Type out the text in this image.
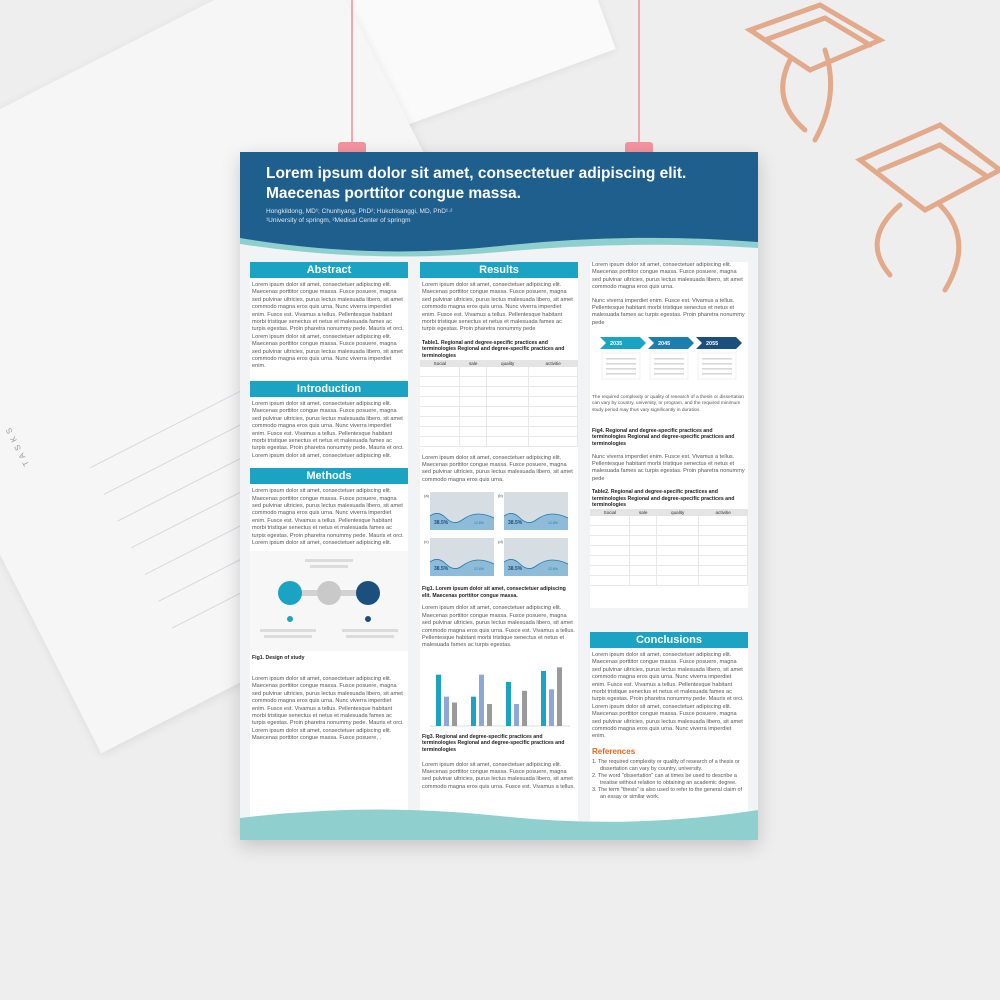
TASKS
Lorem ipsum dolor sit amet, consectetuer adipiscing elit. Maecenas porttitor congue massa.
Hongkildong, MD¹; Chunhyang, PhD²; Hukchisanggi, MD, PhD¹·²
¹University of springm, ²Medical Center of springm
Abstract
Lorem ipsum dolor sit amet, consectetuer adipiscing elit. Maecenas porttitor congue massa. Fusce posuere, magna sed pulvinar ultricies, purus lectus malesuada libero, sit amet commodo magna eros quis urna. Nunc viverra imperdiet enim. Fusce est. Vivamus a tellus. Pellentesque habitant morbi tristique senectus et netus et malesuada fames ac turpis egestas. Proin pharetra nonummy pede. Mauris et orci. Lorem ipsum dolor sit amet, consectetuer adipiscing elit. Maecenas porttitor congue massa. Fusce posuere, magna sed pulvinar ultricies, purus lectus malesuada libero, sit amet commodo magna eros quis urna. Nunc viverra imperdiet enim.
Introduction
Lorem ipsum dolor sit amet, consectetuer adipiscing elit. Maecenas porttitor congue massa. Fusce posuere, magna sed pulvinar ultricies, purus lectus malesuada libero, sit amet commodo magna eros quis urna. Nunc viverra imperdiet enim. Fusce est. Vivamus a tellus. Pellentesque habitant morbi tristique senectus et netus et malesuada fames ac turpis egestas. Proin pharetra nonummy pede. Mauris et orci. Lorem ipsum dolor sit amet, consectetuer adipiscing elit.
Methods
Lorem ipsum dolor sit amet, consectetuer adipiscing elit. Maecenas porttitor congue massa. Fusce posuere, magna sed pulvinar ultricies, purus lectus malesuada libero, sit amet commodo magna eros quis urna. Nunc viverra imperdiet enim. Fusce est. Vivamus a tellus. Pellentesque habitant morbi tristique senectus et netus et malesuada fames ac turpis egestas. Proin pharetra nonummy pede. Mauris et orci. Lorem ipsum dolor sit amet, consectetuer adipiscing elit.
Fig1. Design of study
Lorem ipsum dolor sit amet, consectetuer adipiscing elit. Maecenas porttitor congue massa. Fusce posuere, magna sed pulvinar ultricies, purus lectus malesuada libero, sit amet commodo magna eros quis urna. Nunc viverra imperdiet enim. Fusce est. Vivamus a tellus. Pellentesque habitant morbi tristique senectus et netus et malesuada fames ac turpis egestas. Proin pharetra nonummy pede. Mauris et orci. Lorem ipsum dolor sit amet, consectetuer adipiscing elit. Maecenas porttitor congue massa. Fusce posuere, .
Results
Lorem ipsum dolor sit amet, consectetuer adipiscing elit. Maecenas porttitor congue massa. Fusce posuere, magna sed pulvinar ultricies, purus lectus malesuada libero, sit amet commodo magna eros quis urna. Nunc viverra imperdiet enim. Fusce est. Vivamus a tellus. Pellentesque habitant morbi tristique senectus et netus et malesuada fames ac turpis egestas. Proin pharetra nonummy pede
Table1. Regional and degree-specific practices and terminologies Regional and degree-specific practices and terminologies
Social	sale	quality	activitie

Lorem ipsum dolor sit amet, consectetuer adipiscing elit. Maecenas porttitor congue massa. Fusce posuere, magna sed pulvinar ultricies, purus lectus malesuada libero, sit amet commodo magna eros quis urna.
(a)
38.5%	12.6%
(b)
38.5%	12.6%
(c)
38.5%	12.6%
(d)
38.5%	12.6%
Fig1. Lorem ipsum dolor sit amet, consectetuer adipiscing elit. Maecenas porttitor congue massa.
Lorem ipsum dolor sit amet, consectetuer adipiscing elit. Maecenas porttitor congue massa. Fusce posuere, magna sed pulvinar ultricies, purus lectus malesuada libero, sit amet commodo magna eros quis urna. Fusce est. Vivamus a tellus. Pellentesque habitant morbi tristique senectus et netus et malesuada fames ac turpis egestas.
Fig3. Regional and degree-specific practices and terminologies Regional and degree-specific practices and terminologies
Lorem ipsum dolor sit amet, consectetuer adipiscing elit. Maecenas porttitor congue massa. Fusce posuere, magna sed pulvinar ultricies, purus lectus malesuada libero, sit amet commodo magna eros quis urna. Fusce est. Vivamus a tellus.
Lorem ipsum dolor sit amet, consectetuer adipiscing elit. Maecenas porttitor congue massa. Fusce posuere, magna sed pulvinar ultricies, purus lectus malesuada libero, sit amet commodo magna eros quis urna.
Nunc viverra imperdiet enim. Fusce est. Vivamus a tellus. Pellentesque habitant morbi tristique senectus et netus et malesuada fames ac turpis egestas. Proin pharetra nonummy pede
2035	2045	2055
The required complexity or quality of research of a thesis or dissertation can vary by country, university, or program, and the required minimum study period may thus vary significantly in duration.
Fig4. Regional and degree-specific practices and terminologies Regional and degree-specific practices and terminologies
Nunc viverra imperdiet enim. Fusce est. Vivamus a tellus. Pellentesque habitant morbi tristique senectus et netus et malesuada fames ac turpis egestas. Proin pharetra nonummy pede
Table2. Regional and degree-specific practices and terminologies Regional and degree-specific practices and terminologies
Social	sale	quality	activitie

Conclusions
Lorem ipsum dolor sit amet, consectetuer adipiscing elit. Maecenas porttitor congue massa. Fusce posuere, magna sed pulvinar ultricies, purus lectus malesuada libero, sit amet commodo magna eros quis urna. Nunc viverra imperdiet enim. Fusce est. Vivamus a tellus. Pellentesque habitant morbi tristique senectus et netus et malesuada fames ac turpis egestas. Proin pharetra nonummy pede. Mauris et orci. Lorem ipsum dolor sit amet, consectetuer adipiscing elit. Maecenas porttitor congue massa. Fusce posuere, magna sed pulvinar ultricies, purus lectus malesuada libero, sit amet commodo magna eros quis urna. Nunc viverra imperdiet enim.
References
1. The required complexity or quality of research of a thesis or dissertation can vary by country, university.
2. The word "dissertation" can at times be used to describe a treatise without relation to obtaining an academic degree.
3. The term "thesis" is also used to refer to the general claim of an essay or similar work.
